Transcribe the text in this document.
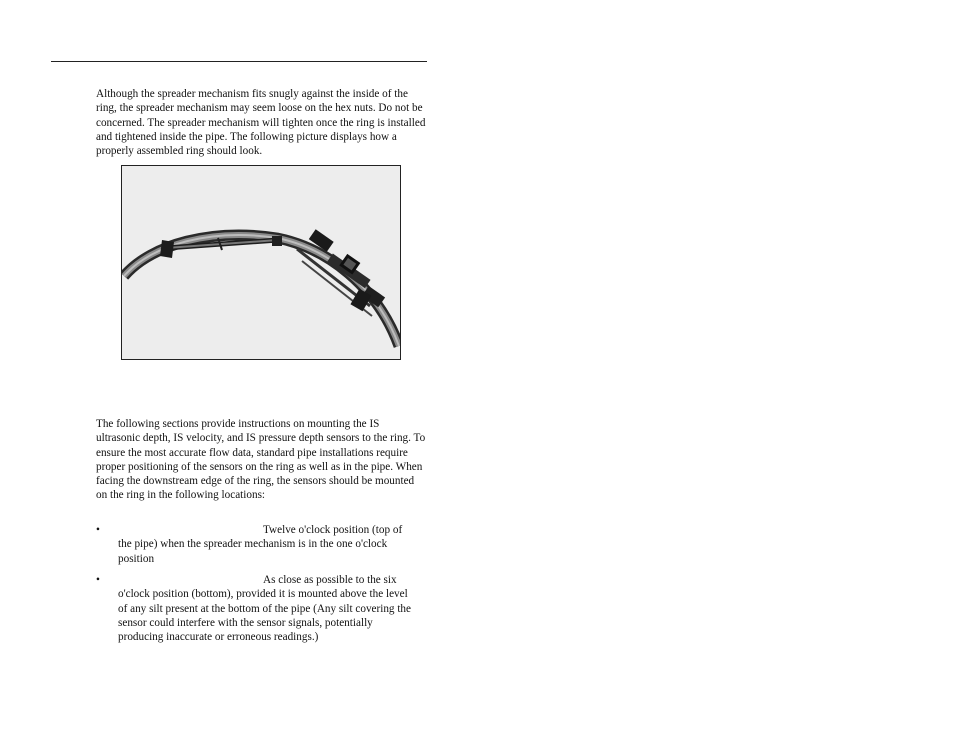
Although the spreader mechanism fits snugly against the inside of the ring, the spreader mechanism may seem loose on the hex nuts. Do not be concerned. The spreader mechanism will tighten once the ring is installed and tightened inside the pipe. The following picture displays how a properly assembled ring should look.

The following sections provide instructions on mounting the IS ultrasonic depth, IS velocity, and IS pressure depth sensors to the ring. To ensure the most accurate flow data, standard pipe installations require proper positioning of the sensors on the ring as well as in the pipe. When facing the downstream edge of the ring, the sensors should be mounted on the ring in the following locations:

•	Twelve o'clock position (top of the pipe) when the spreader mechanism is in the one o'clock position
•	As close as possible to the six o'clock position (bottom), provided it is mounted above the level of any silt present at the bottom of the pipe (Any silt covering the sensor could interfere with the sensor signals, potentially producing inaccurate or erroneous readings.)
